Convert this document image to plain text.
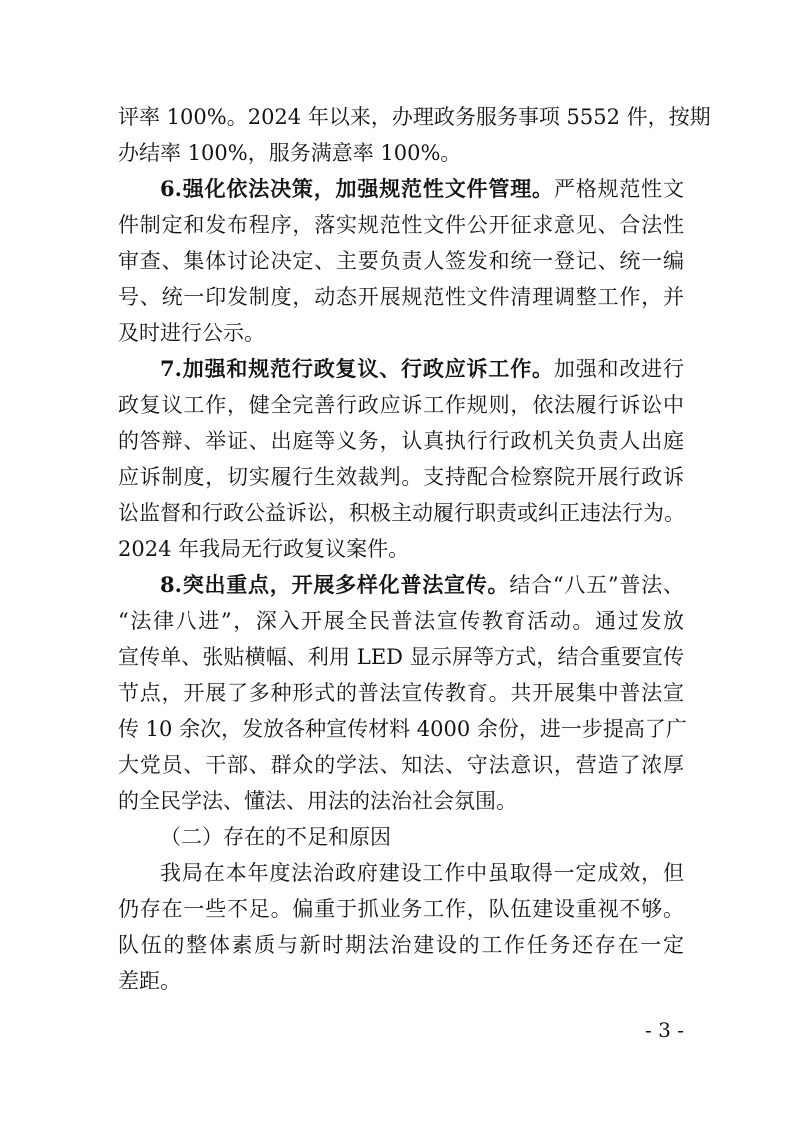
评率 100%。2024 年以来，办理政务服务事项 5552 件，按期
办结率 100%，服务满意率 100%。
6.强化依法决策，加强规范性文件管理。严格规范性文
件制定和发布程序，落实规范性文件公开征求意见、合法性
审查、集体讨论决定、主要负责人签发和统一登记、统一编
号、统一印发制度，动态开展规范性文件清理调整工作，并
及时进行公示。
7.加强和规范行政复议、行政应诉工作。加强和改进行
政复议工作，健全完善行政应诉工作规则，依法履行诉讼中
的答辩、举证、出庭等义务，认真执行行政机关负责人出庭
应诉制度，切实履行生效裁判。支持配合检察院开展行政诉
讼监督和行政公益诉讼，积极主动履行职责或纠正违法行为。
2024 年我局无行政复议案件。
8.突出重点，开展多样化普法宣传。结合“八五”普法、
“法律八进”，深入开展全民普法宣传教育活动。通过发放
宣传单、张贴横幅、利用 LED 显示屏等方式，结合重要宣传
节点，开展了多种形式的普法宣传教育。共开展集中普法宣
传 10 余次，发放各种宣传材料 4000 余份，进一步提高了广
大党员、干部、群众的学法、知法、守法意识，营造了浓厚
的全民学法、懂法、用法的法治社会氛围。
（二）存在的不足和原因
我局在本年度法治政府建设工作中虽取得一定成效，但
仍存在一些不足。偏重于抓业务工作，队伍建设重视不够。
队伍的整体素质与新时期法治建设的工作任务还存在一定
差距。
- 3 -
